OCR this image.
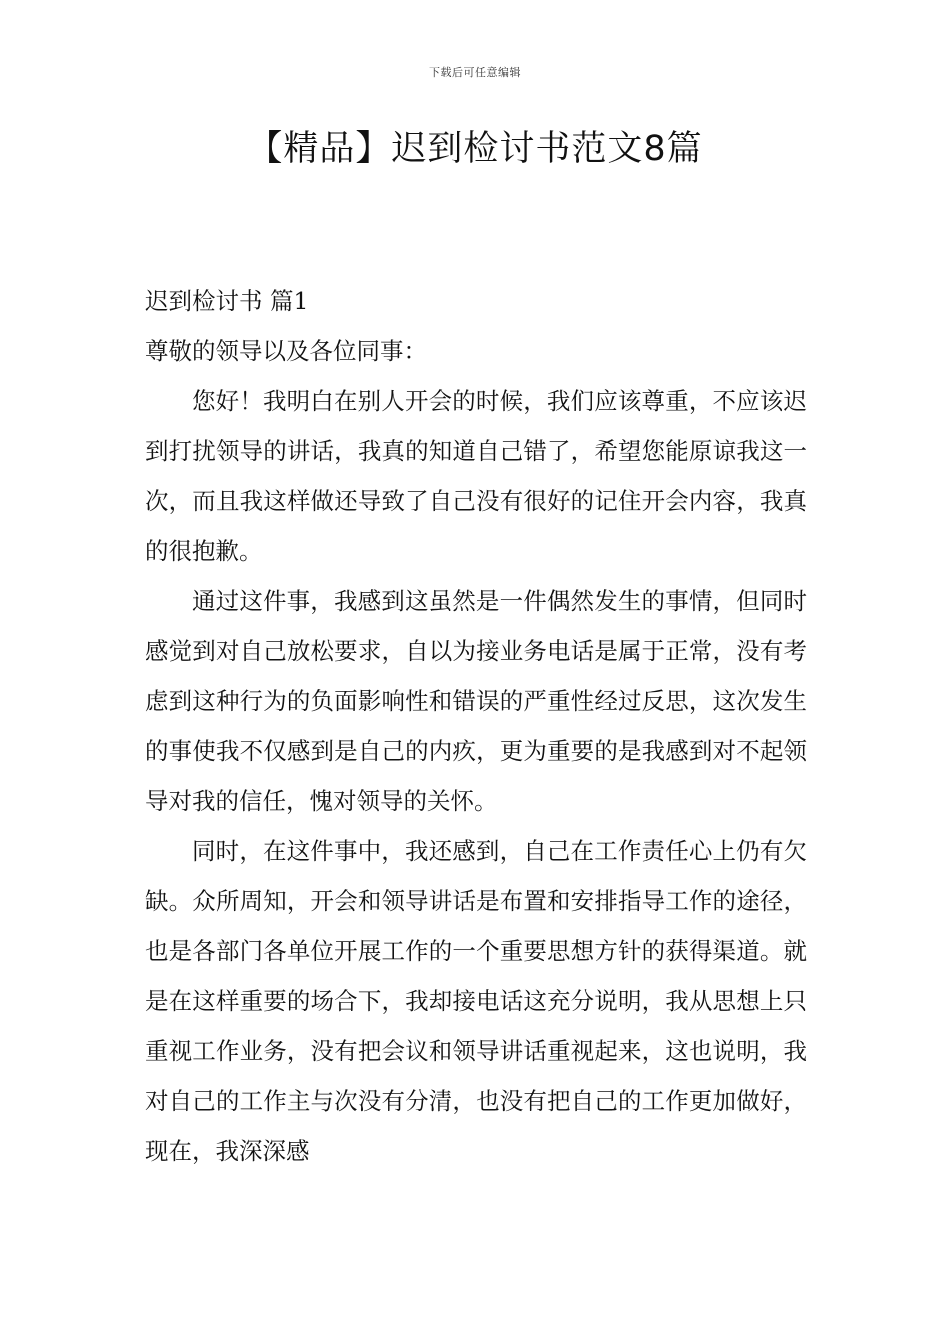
下载后可任意编辑
【精品】迟到检讨书范文8篇

迟到检讨书 篇1

尊敬的领导以及各位同事：

您好！我明白在别人开会的时候，我们应该尊重，不应该迟到打扰领导的讲话，我真的知道自己错了，希望您能原谅我这一次，而且我这样做还导致了自己没有很好的记住开会内容，我真的很抱歉。

通过这件事，我感到这虽然是一件偶然发生的事情，但同时感觉到对自己放松要求，自以为接业务电话是属于正常，没有考虑到这种行为的负面影响性和错误的严重性经过反思，这次发生的事使我不仅感到是自己的内疚，更为重要的是我感到对不起领导对我的信任，愧对领导的关怀。

同时，在这件事中，我还感到，自己在工作责任心上仍有欠缺。众所周知，开会和领导讲话是布置和安排指导工作的途径，也是各部门各单位开展工作的一个重要思想方针的获得渠道。就是在这样重要的场合下，我却接电话这充分说明，我从思想上只重视工作业务，没有把会议和领导讲话重视起来，这也说明，我对自己的工作主与次没有分清，也没有把自己的工作更加做好，现在，我深深感
